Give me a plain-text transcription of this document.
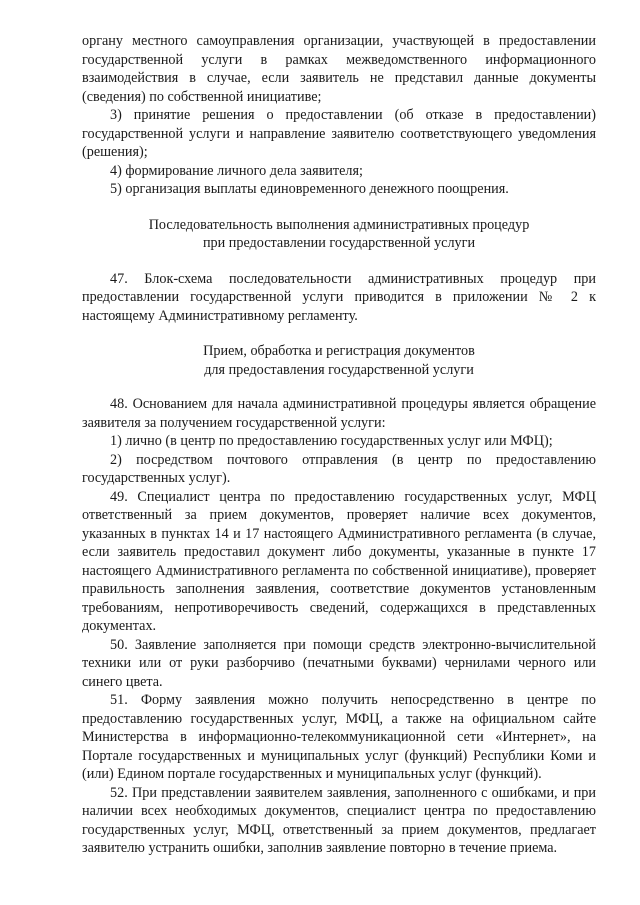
органу местного самоуправления организации, участвующей в предоставлении государственной услуги в рамках межведомственного информационного взаимодействия в случае, если заявитель не представил данные документы (сведения) по собственной инициативе;

3) принятие решения о предоставлении (об отказе в предоставлении) государственной услуги и направление заявителю соответствующего уведомления (решения);

4) формирование личного дела заявителя;

5) организация выплаты единовременного денежного поощрения.

Последовательность выполнения административных процедур

при предоставлении государственной услуги

47. Блок-схема последовательности административных процедур при предоставлении государственной услуги приводится в приложении № 2 к настоящему Административному регламенту.

Прием, обработка и регистрация документов

для предоставления государственной услуги

48. Основанием для начала административной процедуры является обращение заявителя за получением государственной услуги:

1) лично (в центр по предоставлению государственных услуг или МФЦ);

2) посредством почтового отправления (в центр по предоставлению государственных услуг).

49. Специалист центра по предоставлению государственных услуг, МФЦ ответственный за прием документов, проверяет наличие всех документов, указанных в пунктах 14 и 17 настоящего Административного регламента (в случае, если заявитель предоставил документ либо документы, указанные в пункте 17 настоящего Административного регламента по собственной инициативе), проверяет правильность заполнения заявления, соответствие документов установленным требованиям, непротиворечивость сведений, содержащихся в представленных документах.

50. Заявление заполняется при помощи средств электронно-вычислительной техники или от руки разборчиво (печатными буквами) чернилами черного или синего цвета.

51. Форму заявления можно получить непосредственно в центре по предоставлению государственных услуг, МФЦ, а также на официальном сайте Министерства в информационно-телекоммуникационной сети «Интернет», на Портале государственных и муниципальных услуг (функций) Республики Коми и (или) Едином портале государственных и муниципальных услуг (функций).

52. При представлении заявителем заявления, заполненного с ошибками, и при наличии всех необходимых документов, специалист центра по предоставлению государственных услуг, МФЦ, ответственный за прием документов, предлагает заявителю устранить ошибки, заполнив заявление повторно в течение приема.
